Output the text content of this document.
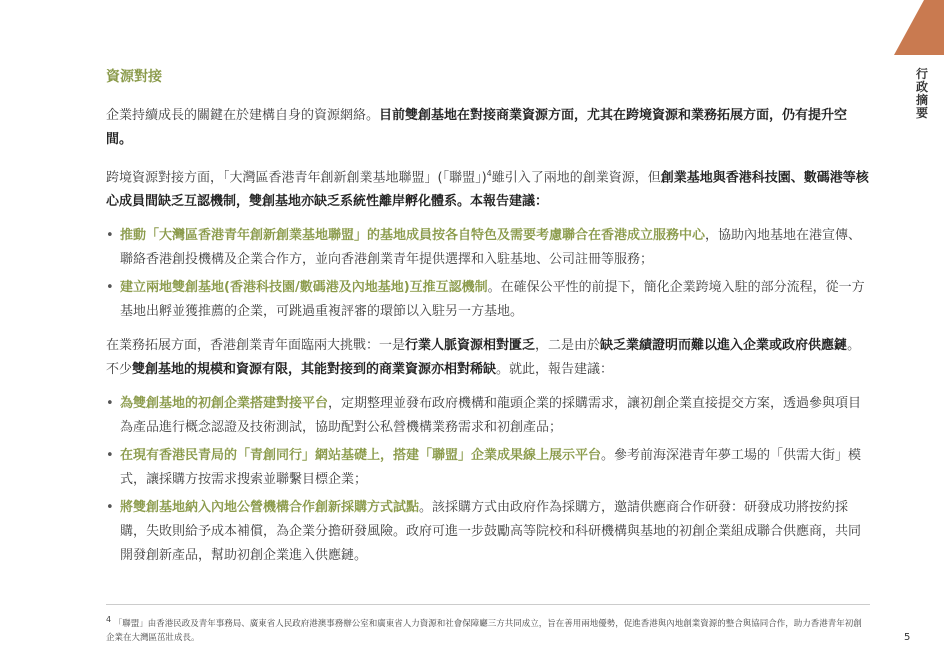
行政摘要
資源對接

企業持續成長的關鍵在於建構自身的資源網絡。目前雙創基地在對接商業資源方面，尤其在跨境資源和業務拓展方面，仍有提升空間。

跨境資源對接方面，「大灣區香港青年創新創業基地聯盟」(「聯盟」)$^4$雖引入了兩地的創業資源，但創業基地與香港科技園、數碼港等核心成員間缺乏互認機制，雙創基地亦缺乏系統性離岸孵化體系。本報告建議：

• 推動「大灣區香港青年創新創業基地聯盟」的基地成員按各自特色及需要考慮聯合在香港成立服務中心，協助內地基地在港宣傳、聯絡香港創投機構及企業合作方，並向香港創業青年提供選擇和入駐基地、公司註冊等服務；
• 建立兩地雙創基地(香港科技園/數碼港及內地基地)互推互認機制。在確保公平性的前提下，簡化企業跨境入駐的部分流程，從一方基地出孵並獲推薦的企業，可跳過重複評審的環節以入駐另一方基地。

在業務拓展方面，香港創業青年面臨兩大挑戰：一是行業人脈資源相對匱乏，二是由於缺乏業績證明而難以進入企業或政府供應鏈。不少雙創基地的規模和資源有限，其能對接到的商業資源亦相對稀缺。就此，報告建議：

• 為雙創基地的初創企業搭建對接平台，定期整理並發布政府機構和龍頭企業的採購需求，讓初創企業直接提交方案，透過參與項目為產品進行概念認證及技術測試，協助配對公私營機構業務需求和初創產品；
• 在現有香港民青局的「青創同行」網站基礎上，搭建「聯盟」企業成果線上展示平台。參考前海深港青年夢工場的「供需大街」模式，讓採購方按需求搜索並聯繫目標企業；
• 將雙創基地納入內地公營機構合作創新採購方式試點。該採購方式由政府作為採購方，邀請供應商合作研發：研發成功將按約採購，失敗則給予成本補償，為企業分擔研發風險。政府可進一步鼓勵高等院校和科研機構與基地的初創企業組成聯合供應商，共同開發創新產品，幫助初創企業進入供應鏈。
4 「聯盟」由香港民政及青年事務局、廣東省人民政府港澳事務辦公室和廣東省人力資源和社會保障廳三方共同成立，旨在善用兩地優勢，促進香港與內地創業資源的整合與協同合作，助力香港青年初創企業在大灣區茁壯成長。	5
